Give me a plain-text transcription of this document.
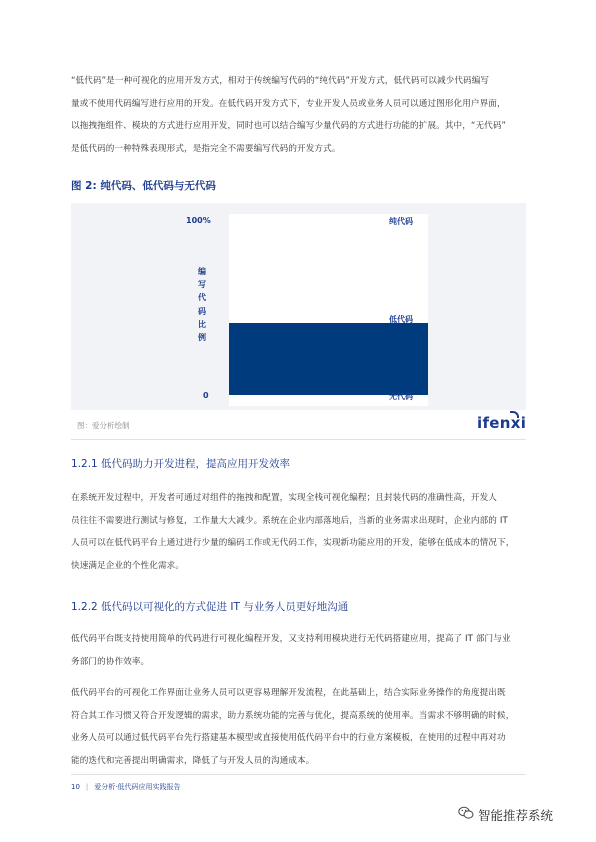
“低代码”是一种可视化的应用开发方式，相对于传统编写代码的“纯代码”开发方式，低代码可以减少代码编写
量或不使用代码编写进行应用的开发。在低代码开发方式下，专业开发人员或业务人员可以通过图形化用户界面，
以拖拽拖组件、模块的方式进行应用开发，同时也可以结合编写少量代码的方式进行功能的扩展。其中，“无代码”
是低代码的一种特殊表现形式，是指完全不需要编写代码的开发方式。
图 2: 纯代码、低代码与无代码
100%
编写代码比例
0
纯代码
低代码
无代码
图：爱分析绘制	ifenxi
1.2.1 低代码助力开发进程，提高应用开发效率
在系统开发过程中，开发者可通过对组件的拖拽和配置，实现全栈可视化编程；且封装代码的准确性高，开发人
员往往不需要进行测试与修复，工作量大大减少。系统在企业内部落地后，当新的业务需求出现时，企业内部的 IT
人员可以在低代码平台上通过进行少量的编码工作或无代码工作，实现新功能应用的开发，能够在低成本的情况下，
快速满足企业的个性化需求。
1.2.2 低代码以可视化的方式促进 IT 与业务人员更好地沟通
低代码平台既支持使用简单的代码进行可视化编程开发，又支持利用模块进行无代码搭建应用，提高了 IT 部门与业
务部门的协作效率。
低代码平台的可视化工作界面让业务人员可以更容易理解开发流程，在此基础上，结合实际业务操作的角度提出既
符合其工作习惯又符合开发逻辑的需求，助力系统功能的完善与优化，提高系统的使用率。当需求不够明确的时候，
业务人员可以通过低代码平台先行搭建基本模型或直接使用低代码平台中的行业方案模板，在使用的过程中再对功
能的迭代和完善提出明确需求，降低了与开发人员的沟通成本。
10 | 爱分析·低代码应用实践报告
智能推荐系统
